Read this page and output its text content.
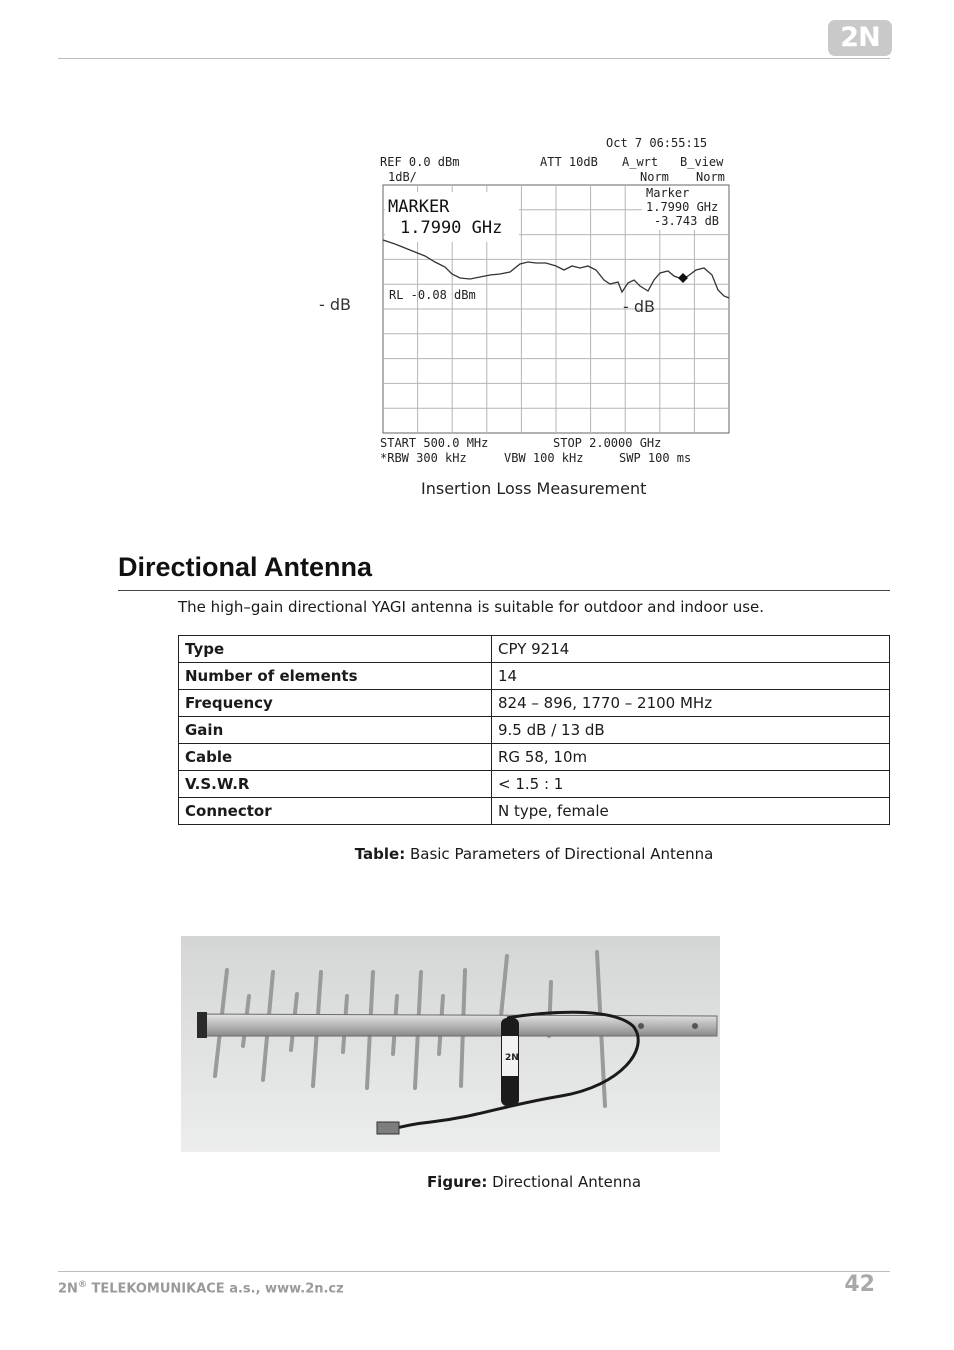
2N
Oct 7 06:55:15
REF 0.0 dBm	ATT 10dB A_wrt B_view
1dB/	Norm Norm
MARKER
1.7990 GHz
Marker
1.7990 GHz
-3.743 dB
RL -0.08 dBm
- dB	- dB
START 500.0 MHz	STOP 2.0000 GHz
*RBW 300 kHz	VBW 100 kHz	SWP 100 ms
Insertion Loss Measurement
Directional Antenna
The high–gain directional YAGI antenna is suitable for outdoor and indoor use.
Type	CPY 9214
Number of elements	14
Frequency	824 – 896, 1770 – 2100 MHz
Gain	9.5 dB / 13 dB
Cable	RG 58, 10m
V.S.W.R	< 1.5 : 1
Connector	N type, female
Table: Basic Parameters of Directional Antenna
2N
Figure: Directional Antenna
2N® TELEKOMUNIKACE a.s., www.2n.cz	42
